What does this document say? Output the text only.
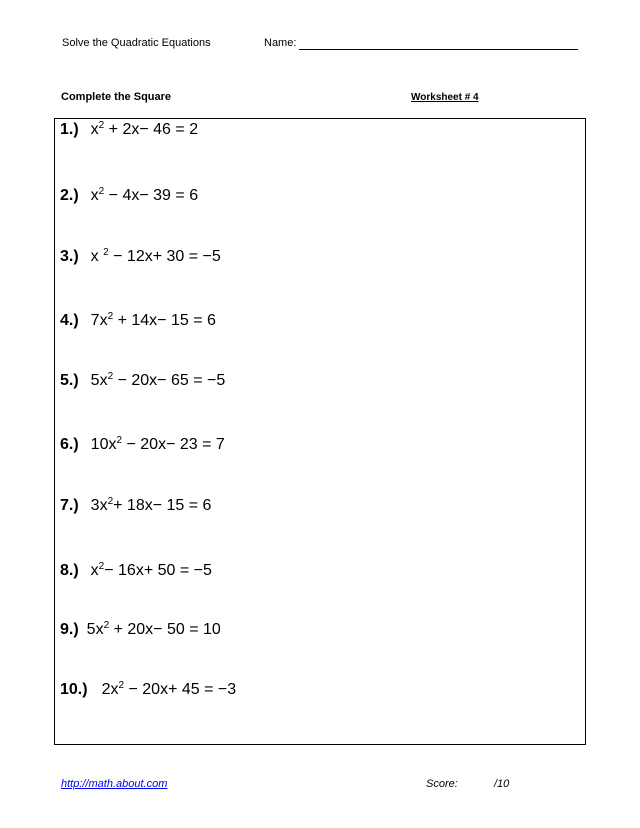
Solve the Quadratic Equations	Name:
Complete the Square	Worksheet # 4
1.) $x^2 + 2x- 46 = 2$
2.) $x^2 - 4x- 39 = 6$
3.) x $^2$ − 12x+ 30 = −5
4.) $7x^2 + 14x- 15 = 6$
5.) $5x^2 - 20x- 65 = -5$
6.) $10x^2 - 20x- 23 = 7$
7.) $3x^2+ 18x- 15 = 6$
8.) $x^2- 16x+ 50 = -5$
9.) $5x^2 + 20x- 50 = 10$
10.) $2x^2 - 20x+ 45 = -3$
http://math.about.com	Score:	/10
